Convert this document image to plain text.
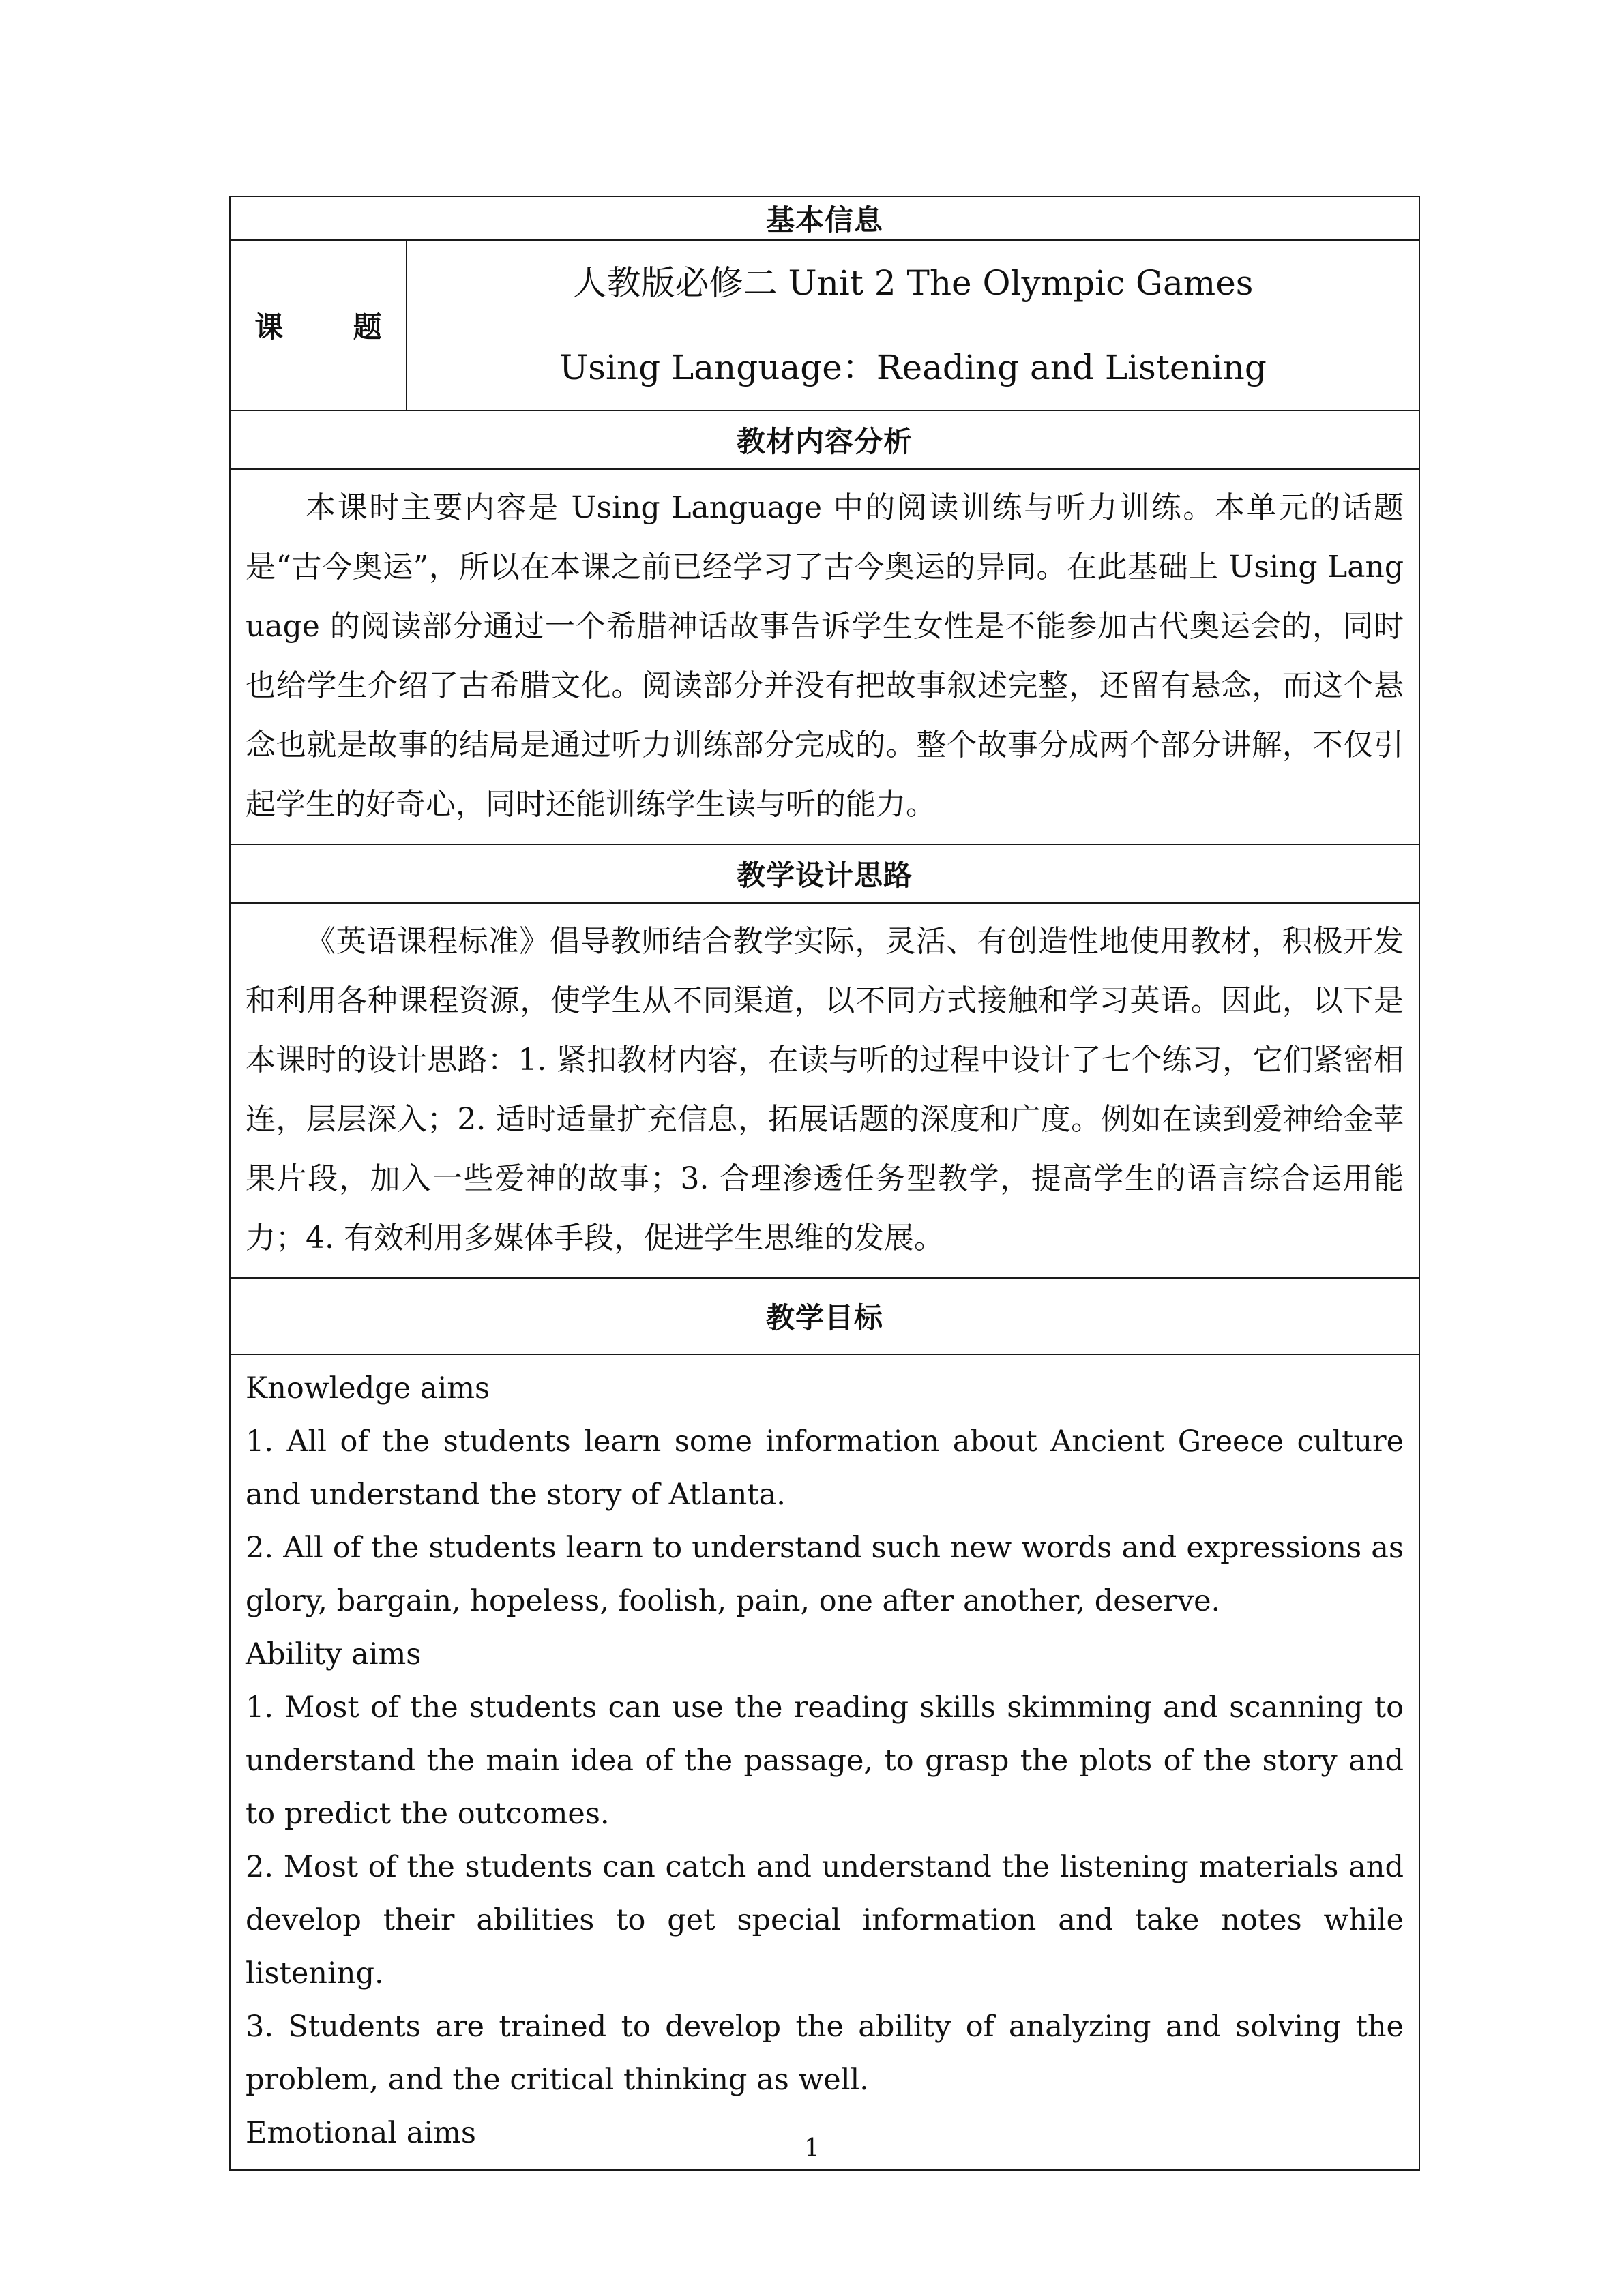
基本信息
课 题	
人教版必修二 Unit 2 The Olympic Games
Using Language：Reading and Listening

教材内容分析
本课时主要内容是 Using Language 中的阅读训练与听力训练。本单元的话题是“古今奥运”，所以在本课之前已经学习了古今奥运的异同。在此基础上 Using Language 的阅读部分通过一个希腊神话故事告诉学生女性是不能参加古代奥运会的，同时也给学生介绍了古希腊文化。阅读部分并没有把故事叙述完整，还留有悬念，而这个悬念也就是故事的结局是通过听力训练部分完成的。整个故事分成两个部分讲解，不仅引起学生的好奇心，同时还能训练学生读与听的能力。
教学设计思路
《英语课程标准》倡导教师结合教学实际，灵活、有创造性地使用教材，积极开发和利用各种课程资源，使学生从不同渠道，以不同方式接触和学习英语。因此，以下是本课时的设计思路：1. 紧扣教材内容，在读与听的过程中设计了七个练习，它们紧密相连，层层深入；2. 适时适量扩充信息，拓展话题的深度和广度。例如在读到爱神给金苹果片段，加入一些爱神的故事；3. 合理渗透任务型教学，提高学生的语言综合运用能力；4. 有效利用多媒体手段，促进学生思维的发展。
教学目标

Knowledge aims

1. All of the students learn some information about Ancient Greece culture and understand the story of Atlanta.

2. All of the students learn to understand such new words and expressions as glory, bargain, hopeless, foolish, pain, one after another, deserve.

Ability aims

1. Most of the students can use the reading skills skimming and scanning to understand the main idea of the passage, to grasp the plots of the story and to predict the outcomes.

2. Most of the students can catch and understand the listening materials and develop their abilities to get special information and take notes while listening.

3. Students are trained to develop the ability of analyzing and solving the problem, and the critical thinking as well.

Emotional aims	1
